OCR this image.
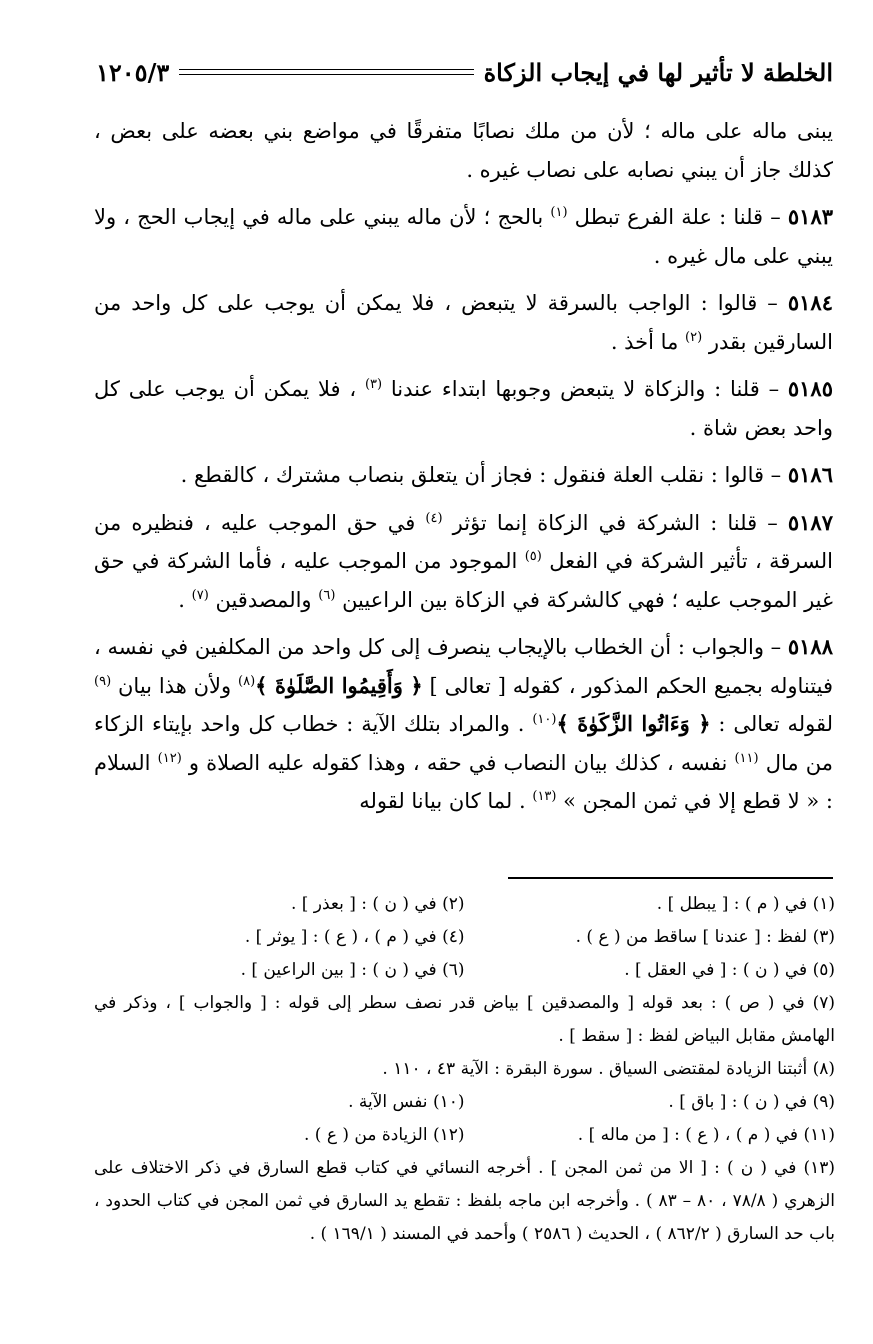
الخلطة لا تأثير لها في إيجاب الزكاة
١٢٠٥/٣

يبنى ماله على ماله ؛ لأن من ملك نصابًا متفرقًا في مواضع بني بعضه على بعض ، كذلك جاز أن يبني نصابه على نصاب غيره .

٥١٨٣ – قلنا : علة الفرع تبطل $^{(١)}$ بالحج ؛ لأن ماله يبني على ماله في إيجاب الحج ، ولا يبني على مال غيره .

٥١٨٤ – قالوا : الواجب بالسرقة لا يتبعض ، فلا يمكن أن يوجب على كل واحد من السارقين بقدر $^{(٢)}$ ما أخذ .

٥١٨٥ – قلنا : والزكاة لا يتبعض وجوبها ابتداء عندنا $^{(٣)}$ ، فلا يمكن أن يوجب على كل واحد بعض شاة .

٥١٨٦ – قالوا : نقلب العلة فنقول : فجاز أن يتعلق بنصاب مشترك ، كالقطع .

٥١٨٧ – قلنا : الشركة في الزكاة إنما تؤثر $^{(٤)}$ في حق الموجب عليه ، فنظيره من السرقة ، تأثير الشركة في الفعل $^{(٥)}$ الموجود من الموجب عليه ، فأما الشركة في حق غير الموجب عليه ؛ فهي كالشركة في الزكاة بين الراعيين $^{(٦)}$ والمصدقين $^{(٧)}$ .

٥١٨٨ – والجواب : أن الخطاب بالإيجاب ينصرف إلى كل واحد من المكلفين في نفسه ، فيتناوله بجميع الحكم المذكور ، كقوله [ تعالى ] ﴿ وَأَقِيمُوا الصَّلَوٰةَ ﴾$^{(٨)}$ ولأن هذا بيان $^{(٩)}$ لقوله تعالى : ﴿ وَءَاتُوا الزَّكَوٰةَ ﴾$^{(١٠)}$ . والمراد بتلك الآية : خطاب كل واحد بإيتاء الزكاء من مال $^{(١١)}$ نفسه ، كذلك بيان النصاب في حقه ، وهذا كقوله عليه الصلاة و $^{(١٢)}$ السلام : « لا قطع إلا في ثمن المجن » $^{(١٣)}$ . لما كان بيانا لقوله

(١) في ( م ) : [ يبطل ] .
(٢) في ( ن ) : [ بعذر ] .
(٣) لفظ : [ عندنا ] ساقط من ( ع ) .
(٤) في ( م ) ، ( ع ) : [ يوثر ] .
(٥) في ( ن ) : [ في العقل ] .
(٦) في ( ن ) : [ بين الراعين ] .
(٧) في ( ص ) : بعد قوله [ والمصدقين ] بياض قدر نصف سطر إلى قوله : [ والجواب ] ، وذكر في الهامش مقابل البياض لفظ : [ سقط ] .
(٨) أثبتنا الزيادة لمقتضى السياق . سورة البقرة : الآية ٤٣ ، ١١٠ .
(٩) في ( ن ) : [ باق ] .
(١٠) نفس الآية .
(١١) في ( م ) ، ( ع ) : [ من ماله ] .
(١٢) الزيادة من ( ع ) .
(١٣) في ( ن ) : [ الا من ثمن المجن ] . أخرجه النسائي في كتاب قطع السارق في ذكر الاختلاف على الزهري ( ٧٨/٨ ، ٨٠ – ٨٣ ) . وأخرجه ابن ماجه بلفظ : تقطع يد السارق في ثمن المجن في كتاب الحدود ، باب حد السارق ( ٨٦٢/٢ ) ، الحديث ( ٢٥٨٦ ) وأحمد في المسند ( ١٦٩/١ ) .
